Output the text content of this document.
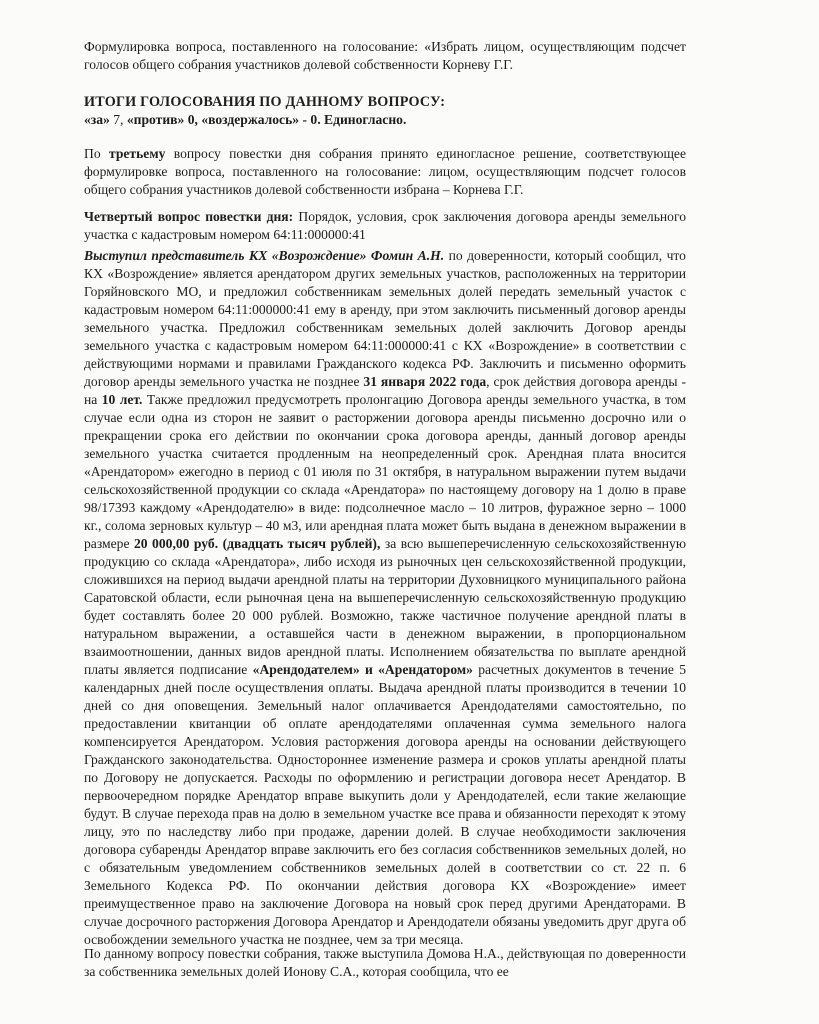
Формулировка вопроса, поставленного на голосование: «Избрать лицом, осуществляющим подсчет голосов общего собрания участников долевой собственности Корневу Г.Г.
ИТОГИ ГОЛОСОВАНИЯ ПО ДАННОМУ ВОПРОСУ:
«за» 7, «против» 0, «воздержалось» - 0. Единогласно.
По третьему вопросу повестки дня собрания принято единогласное решение, соответствующее формулировке вопроса, поставленного на голосование: лицом, осуществляющим подсчет голосов общего собрания участников долевой собственности избрана – Корнева Г.Г.
Четвертый вопрос повестки дня: Порядок, условия, срок заключения договора аренды земельного участка с кадастровым номером 64:11:000000:41
Выступил представитель КХ «Возрождение» Фомин А.Н. по доверенности, который сообщил, что КХ «Возрождение» является арендатором других земельных участков, расположенных на территории Горяйновского МО, и предложил собственникам земельных долей передать земельный участок с кадастровым номером 64:11:000000:41 ему в аренду, при этом заключить письменный договор аренды земельного участка. Предложил собственникам земельных долей заключить Договор аренды земельного участка с кадастровым номером 64:11:000000:41 с КХ «Возрождение» в соответствии с действующими нормами и правилами Гражданского кодекса РФ. Заключить и письменно оформить договор аренды земельного участка не позднее 31 января 2022 года, срок действия договора аренды - на 10 лет. Также предложил предусмотреть пролонгацию Договора аренды земельного участка, в том случае если одна из сторон не заявит о расторжении договора аренды письменно досрочно или о прекращении срока его действии по окончании срока договора аренды, данный договор аренды земельного участка считается продленным на неопределенный срок. Арендная плата вносится «Арендатором» ежегодно в период с 01 июля по 31 октября, в натуральном выражении путем выдачи сельскохозяйственной продукции со склада «Арендатора» по настоящему договору на 1 долю в праве 98/17393 каждому «Арендодателю» в виде: подсолнечное масло – 10 литров, фуражное зерно – 1000 кг., солома зерновых культур – 40 м3, или арендная плата может быть выдана в денежном выражении в размере 20 000,00 руб. (двадцать тысяч рублей), за всю вышеперечисленную сельскохозяйственную продукцию со склада «Арендатора», либо исходя из рыночных цен сельскохозяйственной продукции, сложившихся на период выдачи арендной платы на территории Духовницкого муниципального района Саратовской области, если рыночная цена на вышеперечисленную сельскохозяйственную продукцию будет составлять более 20 000 рублей. Возможно, также частичное получение арендной платы в натуральном выражении, а оставшейся части в денежном выражении, в пропорциональном взаимоотношении, данных видов арендной платы. Исполнением обязательства по выплате арендной платы является подписание «Арендодателем» и «Арендатором» расчетных документов в течение 5 календарных дней после осуществления оплаты. Выдача арендной платы производится в течении 10 дней со дня оповещения. Земельный налог оплачивается Арендодателями самостоятельно, по предоставлении квитанции об оплате арендодателями оплаченная сумма земельного налога компенсируется Арендатором. Условия расторжения договора аренды на основании действующего Гражданского законодательства. Одностороннее изменение размера и сроков уплаты арендной платы по Договору не допускается. Расходы по оформлению и регистрации договора несет Арендатор. В первоочередном порядке Арендатор вправе выкупить доли у Арендодателей, если такие желающие будут. В случае перехода прав на долю в земельном участке все права и обязанности переходят к этому лицу, это по наследству либо при продаже, дарении долей. В случае необходимости заключения договора субаренды Арендатор вправе заключить его без согласия собственников земельных долей, но с обязательным уведомлением собственников земельных долей в соответствии со ст. 22 п. 6 Земельного Кодекса РФ. По окончании действия договора КХ «Возрождение» имеет преимущественное право на заключение Договора на новый срок перед другими Арендаторами. В случае досрочного расторжения Договора Арендатор и Арендодатели обязаны уведомить друг друга об освобождении земельного участка не позднее, чем за три месяца.
По данному вопросу повестки собрания, также выступила Домова Н.А., действующая по доверенности за собственника земельных долей Ионову С.А., которая сообщила, что ее
